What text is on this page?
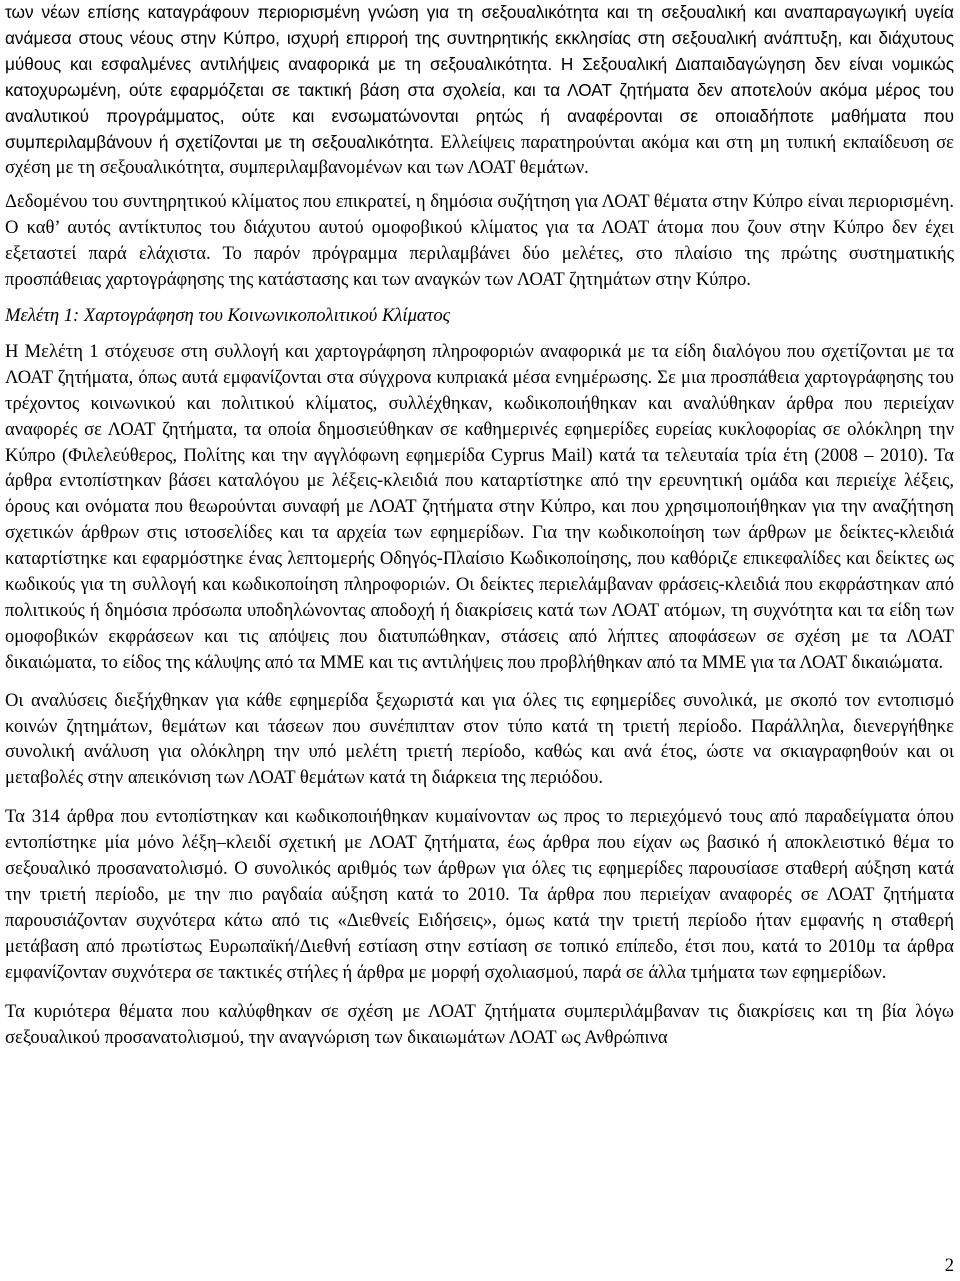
των νέων επίσης καταγράφουν περιορισμένη γνώση για τη σεξουαλικότητα και τη σεξουαλική και αναπαραγωγική υγεία ανάμεσα στους νέους στην Κύπρο, ισχυρή επιρροή της συντηρητικής εκκλησίας στη σεξουαλική ανάπτυξη, και διάχυτους μύθους και εσφαλμένες αντιλήψεις αναφορικά με τη σεξουαλικότητα. Η Σεξουαλική Διαπαιδαγώγηση δεν είναι νομικώς κατοχυρωμένη, ούτε εφαρμόζεται σε τακτική βάση στα σχολεία, και τα ΛΟΑΤ ζητήματα δεν αποτελούν ακόμα μέρος του αναλυτικού προγράμματος, ούτε και ενσωματώνονται ρητώς ή αναφέρονται σε οποιαδήποτε μαθήματα που συμπεριλαμβάνουν ή σχετίζονται με τη σεξουαλικότητα. Ελλείψεις παρατηρούνται ακόμα και στη μη τυπική εκπαίδευση σε σχέση με τη σεξουαλικότητα, συμπεριλαμβανομένων και των ΛΟΑΤ θεμάτων.

Δεδομένου του συντηρητικού κλίματος που επικρατεί, η δημόσια συζήτηση για ΛΟΑΤ θέματα στην Κύπρο είναι περιορισμένη. Ο καθ’ αυτός αντίκτυπος του διάχυτου αυτού ομοφοβικού κλίματος για τα ΛΟΑΤ άτομα που ζουν στην Κύπρο δεν έχει εξεταστεί παρά ελάχιστα. Το παρόν πρόγραμμα περιλαμβάνει δύο μελέτες, στο πλαίσιο της πρώτης συστηματικής προσπάθειας χαρτογράφησης της κατάστασης και των αναγκών των ΛΟΑΤ ζητημάτων στην Κύπρο.

Μελέτη 1: Χαρτογράφηση του Κοινωνικοπολιτικού Κλίματος

Η Μελέτη 1 στόχευσε στη συλλογή και χαρτογράφηση πληροφοριών αναφορικά με τα είδη διαλόγου που σχετίζονται με τα ΛΟΑΤ ζητήματα, όπως αυτά εμφανίζονται στα σύγχρονα κυπριακά μέσα ενημέρωσης. Σε μια προσπάθεια χαρτογράφησης του τρέχοντος κοινωνικού και πολιτικού κλίματος, συλλέχθηκαν, κωδικοποιήθηκαν και αναλύθηκαν άρθρα που περιείχαν αναφορές σε ΛΟΑΤ ζητήματα, τα οποία δημοσιεύθηκαν σε καθημερινές εφημερίδες ευρείας κυκλοφορίας σε ολόκληρη την Κύπρο (Φιλελεύθερος, Πολίτης και την αγγλόφωνη εφημερίδα Cyprus Mail) κατά τα τελευταία τρία έτη (2008 – 2010). Τα άρθρα εντοπίστηκαν βάσει καταλόγου με λέξεις-κλειδιά που καταρτίστηκε από την ερευνητική ομάδα και περιείχε λέξεις, όρους και ονόματα που θεωρούνται συναφή με ΛΟΑΤ ζητήματα στην Κύπρο, και που χρησιμοποιήθηκαν για την αναζήτηση σχετικών άρθρων στις ιστοσελίδες και τα αρχεία των εφημερίδων. Για την κωδικοποίηση των άρθρων με δείκτες-κλειδιά καταρτίστηκε και εφαρμόστηκε ένας λεπτομερής Οδηγός-Πλαίσιο Κωδικοποίησης, που καθόριζε επικεφαλίδες και δείκτες ως κωδικούς για τη συλλογή και κωδικοποίηση πληροφοριών. Οι δείκτες περιελάμβαναν φράσεις-κλειδιά που εκφράστηκαν από πολιτικούς ή δημόσια πρόσωπα υποδηλώνοντας αποδοχή ή διακρίσεις κατά των ΛΟΑΤ ατόμων, τη συχνότητα και τα είδη των ομοφοβικών εκφράσεων και τις απόψεις που διατυπώθηκαν, στάσεις από λήπτες αποφάσεων σε σχέση με τα ΛΟΑΤ δικαιώματα, το είδος της κάλυψης από τα ΜΜΕ και τις αντιλήψεις που προβλήθηκαν από τα ΜΜΕ για τα ΛΟΑΤ δικαιώματα.

Οι αναλύσεις διεξήχθηκαν για κάθε εφημερίδα ξεχωριστά και για όλες τις εφημερίδες συνολικά, με σκοπό τον εντοπισμό κοινών ζητημάτων, θεμάτων και τάσεων που συνέπιπταν στον τύπο κατά τη τριετή περίοδο. Παράλληλα, διενεργήθηκε συνολική ανάλυση για ολόκληρη την υπό μελέτη τριετή περίοδο, καθώς και ανά έτος, ώστε να σκιαγραφηθούν και οι μεταβολές στην απεικόνιση των ΛΟΑΤ θεμάτων κατά τη διάρκεια της περιόδου.

Τα 314 άρθρα που εντοπίστηκαν και κωδικοποιήθηκαν κυμαίνονταν ως προς το περιεχόμενό τους από παραδείγματα όπου εντοπίστηκε μία μόνο λέξη–κλειδί σχετική με ΛΟΑΤ ζητήματα, έως άρθρα που είχαν ως βασικό ή αποκλειστικό θέμα το σεξουαλικό προσανατολισμό. Ο συνολικός αριθμός των άρθρων για όλες τις εφημερίδες παρουσίασε σταθερή αύξηση κατά την τριετή περίοδο, με την πιο ραγδαία αύξηση κατά το 2010. Τα άρθρα που περιείχαν αναφορές σε ΛΟΑΤ ζητήματα παρουσιάζονταν συχνότερα κάτω από τις «Διεθνείς Ειδήσεις», όμως κατά την τριετή περίοδο ήταν εμφανής η σταθερή μετάβαση από πρωτίστως Ευρωπαϊκή/Διεθνή εστίαση στην εστίαση σε τοπικό επίπεδο, έτσι που, κατά το 2010μ τα άρθρα εμφανίζονταν συχνότερα σε τακτικές στήλες ή άρθρα με μορφή σχολιασμού, παρά σε άλλα τμήματα των εφημερίδων.

Τα κυριότερα θέματα που καλύφθηκαν σε σχέση με ΛΟΑΤ ζητήματα συμπεριλάμβαναν τις διακρίσεις και τη βία λόγω σεξουαλικού προσανατολισμού, την αναγνώριση των δικαιωμάτων ΛΟΑΤ ως Ανθρώπινα

2
